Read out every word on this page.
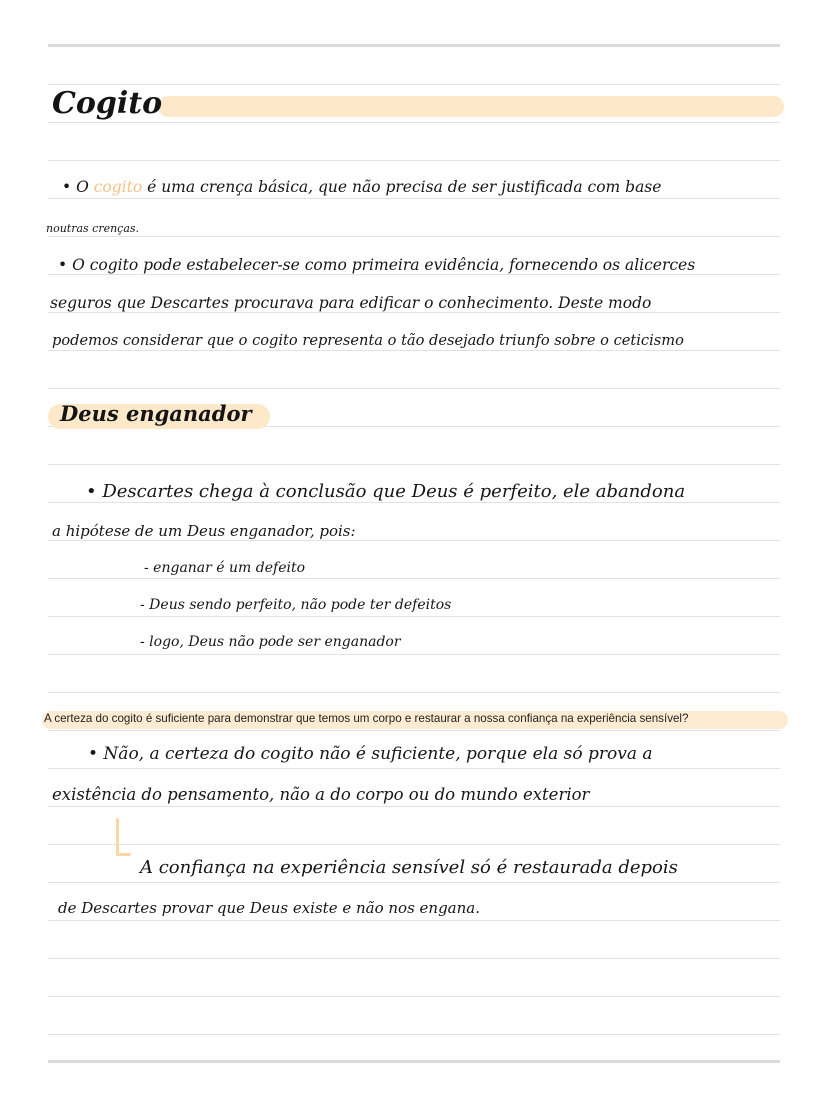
Cogito
• O cogito é uma crença básica, que não precisa de ser justificada com base
noutras crenças.
• O cogito pode estabelecer-se como primeira evidência, fornecendo os alicerces
seguros que Descartes procurava para edificar o conhecimento. Deste modo
podemos considerar que o cogito representa o tão desejado triunfo sobre o ceticismo
Deus enganador
• Descartes chega à conclusão que Deus é perfeito, ele abandona
a hipótese de um Deus enganador, pois:
- enganar é um defeito
- Deus sendo perfeito, não pode ter defeitos
- logo, Deus não pode ser enganador
A certeza do cogito é suficiente para demonstrar que temos um corpo e restaurar a nossa confiança na experiência sensível?
• Não, a certeza do cogito não é suficiente, porque ela só prova a
existência do pensamento, não a do corpo ou do mundo exterior
A confiança na experiência sensível só é restaurada depois
de Descartes provar que Deus existe e não nos engana.
